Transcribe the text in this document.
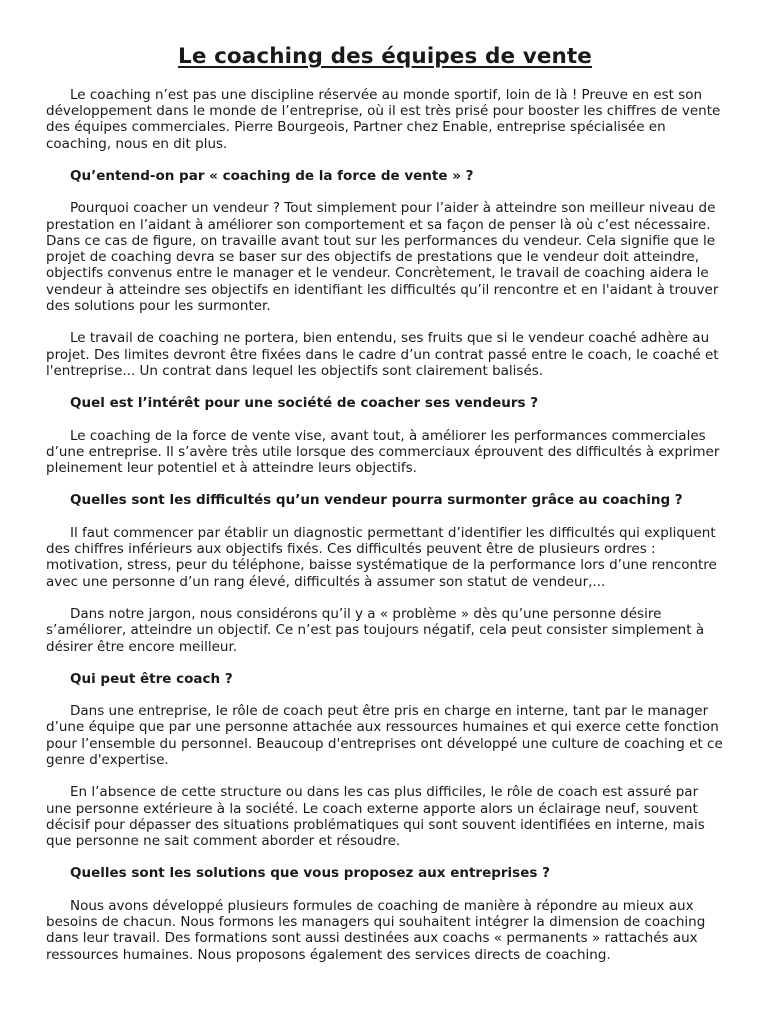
Le coaching des équipes de vente

Le coaching n’est pas une discipline réservée au monde sportif, loin de là ! Preuve en est son développement dans le monde de l’entreprise, où il est très prisé pour booster les chiffres de vente des équipes commerciales. Pierre Bourgeois, Partner chez Enable, entreprise spécialisée en coaching, nous en dit plus.

Qu’entend-on par « coaching de la force de vente » ?

Pourquoi coacher un vendeur ? Tout simplement pour l’aider à atteindre son meilleur niveau de prestation en l’aidant à améliorer son comportement et sa façon de penser là où c’est nécessaire. Dans ce cas de figure, on travaille avant tout sur les performances du vendeur. Cela signifie que le projet de coaching devra se baser sur des objectifs de prestations que le vendeur doit atteindre, objectifs convenus entre le manager et le vendeur. Concrètement, le travail de coaching aidera le vendeur à atteindre ses objectifs en identifiant les difficultés qu’il rencontre et en l'aidant à trouver des solutions pour les surmonter.

Le travail de coaching ne portera, bien entendu, ses fruits que si le vendeur coaché adhère au projet. Des limites devront être fixées dans le cadre d’un contrat passé entre le coach, le coaché et l'entreprise... Un contrat dans lequel les objectifs sont clairement balisés.

Quel est l’intérêt pour une société de coacher ses vendeurs ?

Le coaching de la force de vente vise, avant tout, à améliorer les performances commerciales d’une entreprise. Il s’avère très utile lorsque des commerciaux éprouvent des difficultés à exprimer pleinement leur potentiel et à atteindre leurs objectifs.

Quelles sont les difficultés qu’un vendeur pourra surmonter grâce au coaching ?

Il faut commencer par établir un diagnostic permettant d’identifier les difficultés qui expliquent des chiffres inférieurs aux objectifs fixés. Ces difficultés peuvent être de plusieurs ordres : motivation, stress, peur du téléphone, baisse systématique de la performance lors d’une rencontre avec une personne d’un rang élevé, difficultés à assumer son statut de vendeur,...

Dans notre jargon, nous considérons qu’il y a « problème » dès qu’une personne désire s’améliorer, atteindre un objectif. Ce n’est pas toujours négatif, cela peut consister simplement à désirer être encore meilleur.

Qui peut être coach ?

Dans une entreprise, le rôle de coach peut être pris en charge en interne, tant par le manager d’une équipe que par une personne attachée aux ressources humaines et qui exerce cette fonction pour l’ensemble du personnel. Beaucoup d'entreprises ont développé une culture de coaching et ce genre d'expertise.

En l’absence de cette structure ou dans les cas plus difficiles, le rôle de coach est assuré par une personne extérieure à la société. Le coach externe apporte alors un éclairage neuf, souvent décisif pour dépasser des situations problématiques qui sont souvent identifiées en interne, mais que personne ne sait comment aborder et résoudre.

Quelles sont les solutions que vous proposez aux entreprises ?

Nous avons développé plusieurs formules de coaching de manière à répondre au mieux aux besoins de chacun. Nous formons les managers qui souhaitent intégrer la dimension de coaching dans leur travail. Des formations sont aussi destinées aux coachs « permanents » rattachés aux ressources humaines. Nous proposons également des services directs de coaching.
